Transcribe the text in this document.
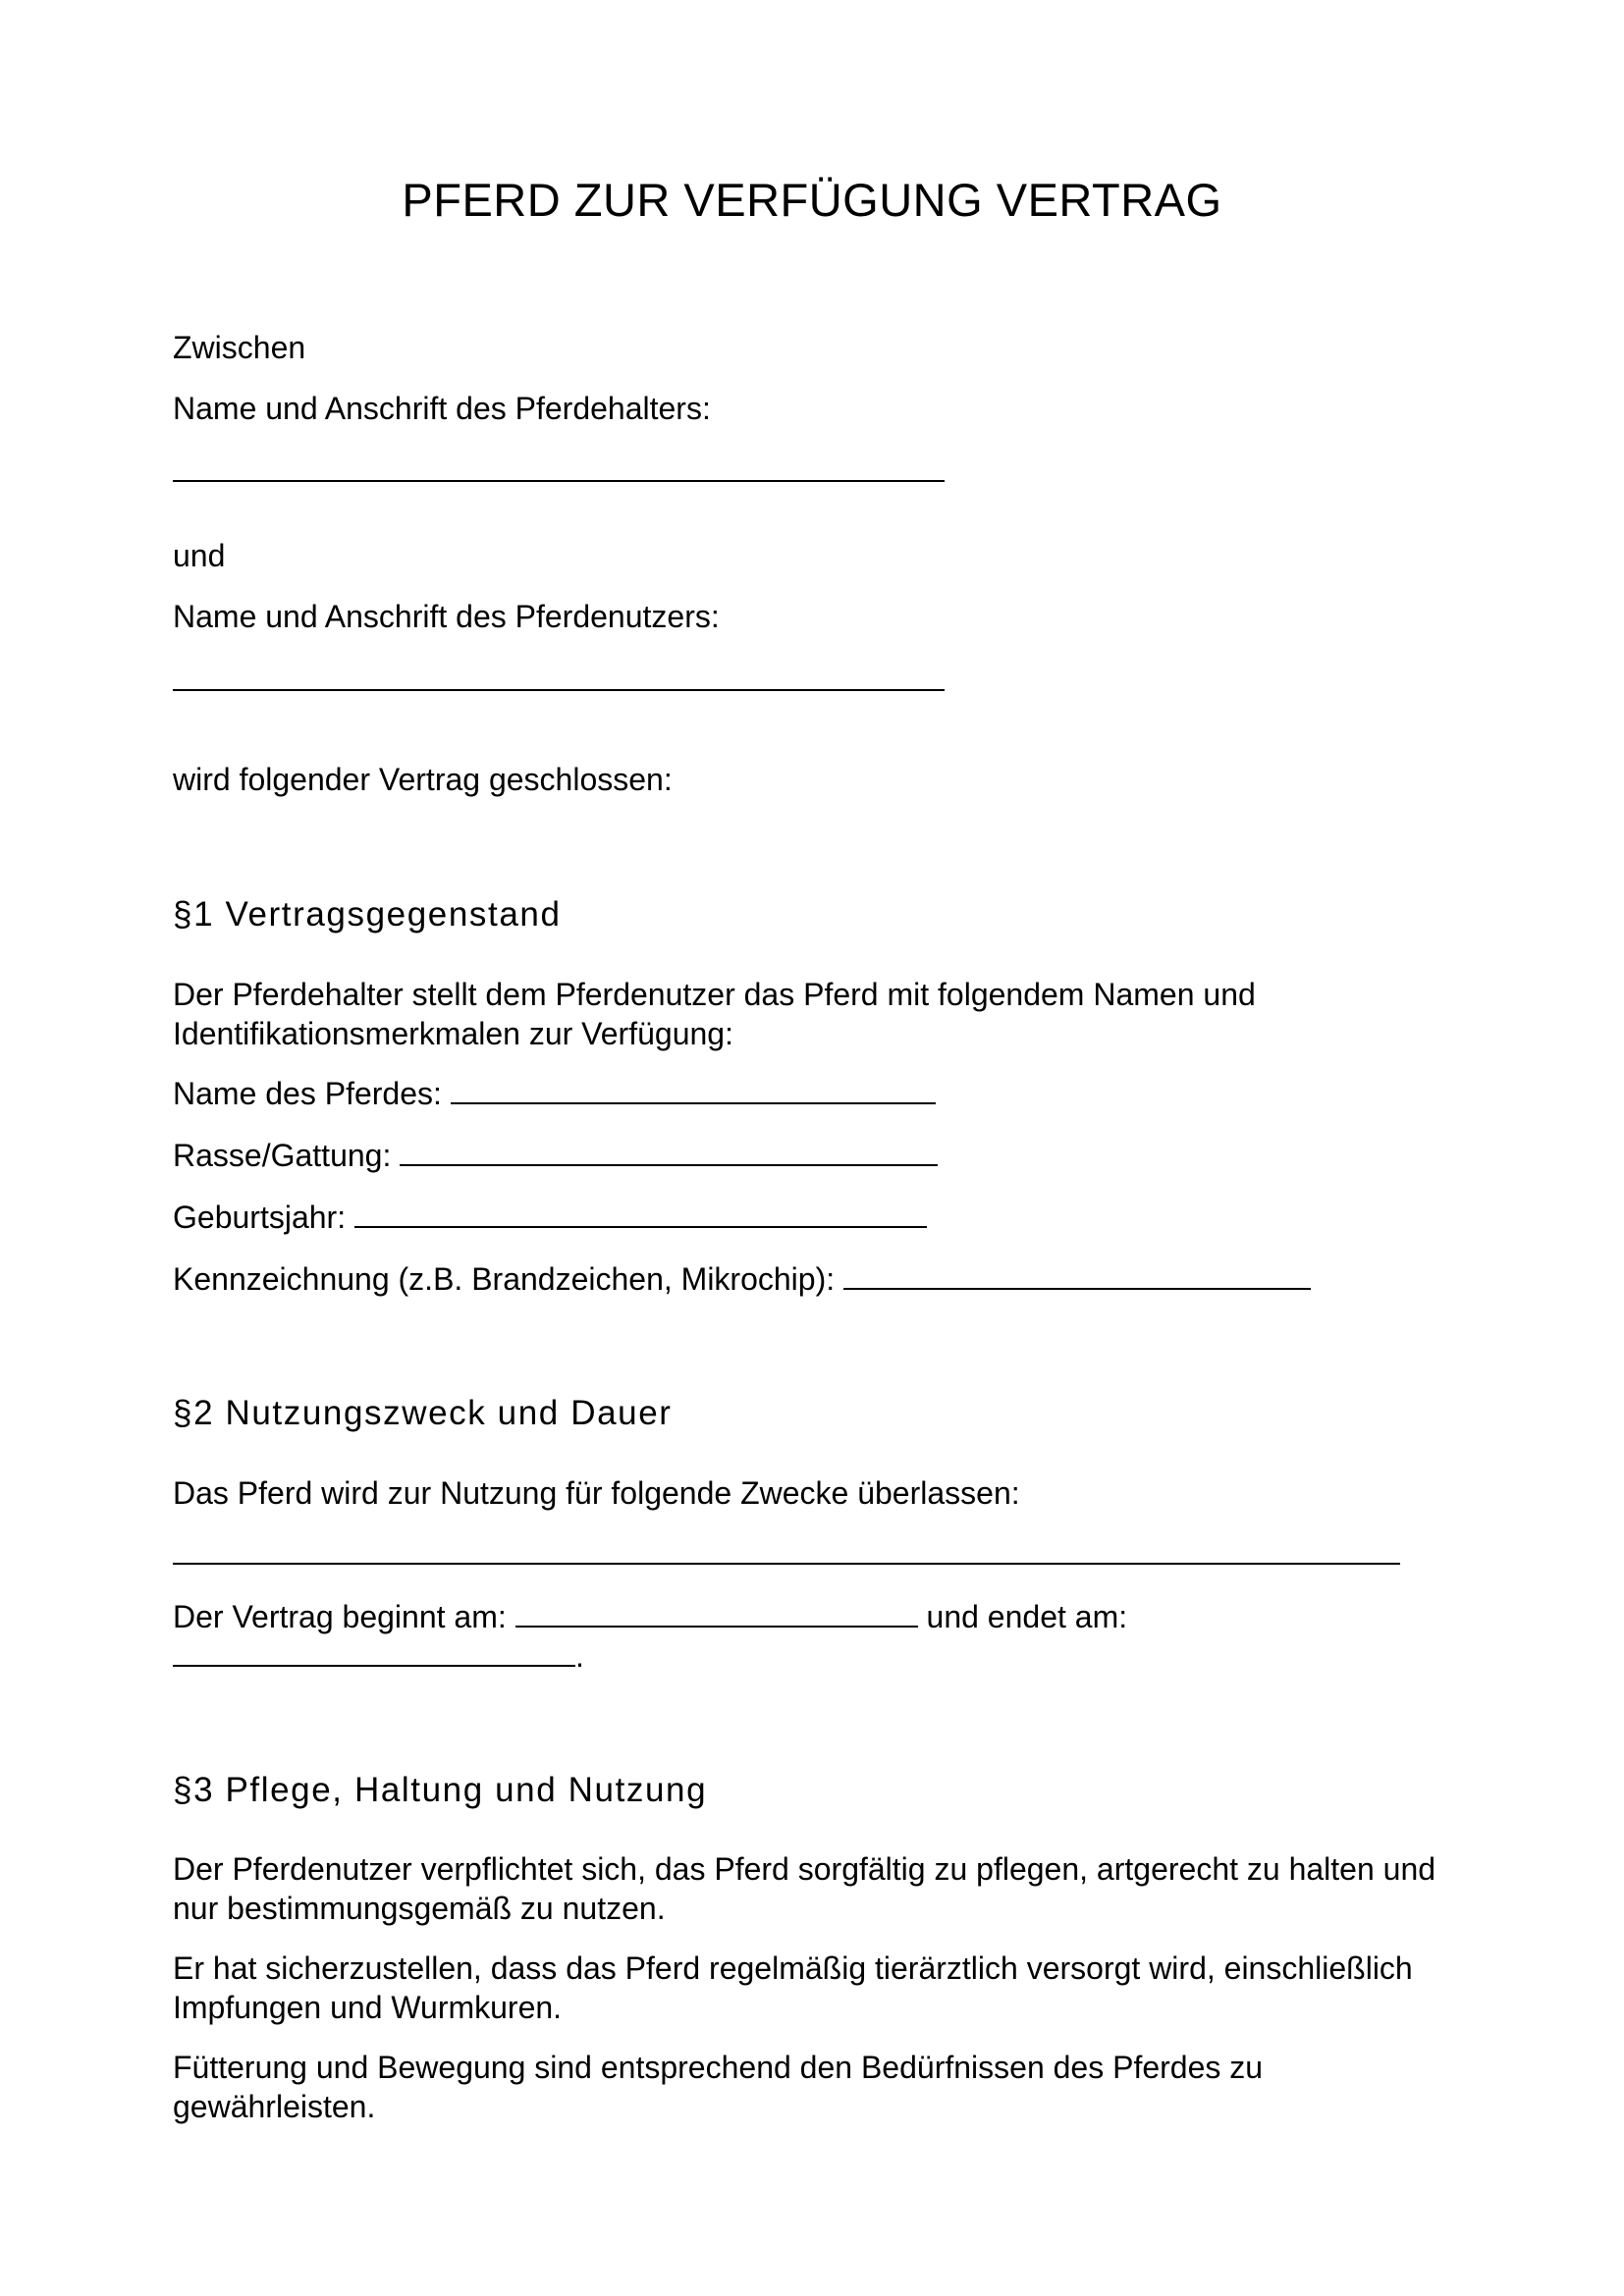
PFERD ZUR VERFÜGUNG VERTRAG
Zwischen
Name und Anschrift des Pferdehalters:
und
Name und Anschrift des Pferdenutzers:
wird folgender Vertrag geschlossen:
§1 Vertragsgegenstand
Der Pferdehalter stellt dem Pferdenutzer das Pferd mit folgendem Namen und Identifikationsmerkmalen zur Verfügung:
Name des Pferdes:
Rasse/Gattung:
Geburtsjahr:
Kennzeichnung (z.B. Brandzeichen, Mikrochip):
§2 Nutzungszweck und Dauer
Das Pferd wird zur Nutzung für folgende Zwecke überlassen:
Der Vertrag beginnt am:	und endet am:
.
§3 Pflege, Haltung und Nutzung
Der Pferdenutzer verpflichtet sich, das Pferd sorgfältig zu pflegen, artgerecht zu halten und nur bestimmungsgemäß zu nutzen.
Er hat sicherzustellen, dass das Pferd regelmäßig tierärztlich versorgt wird, einschließlich Impfungen und Wurmkuren.
Fütterung und Bewegung sind entsprechend den Bedürfnissen des Pferdes zu gewährleisten.
